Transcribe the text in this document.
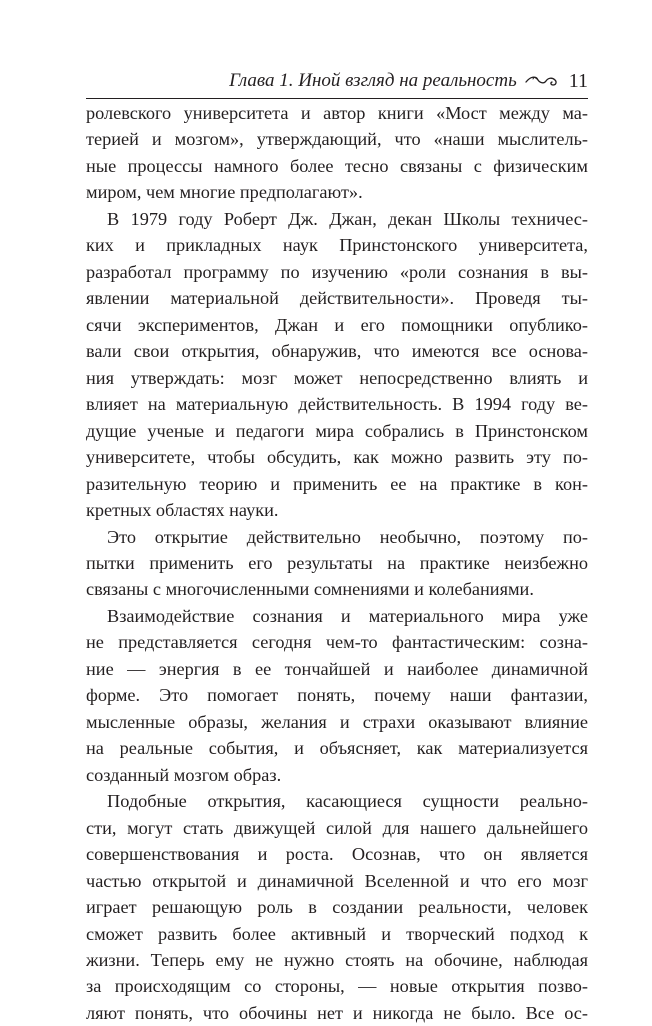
Глава 1. Иной взгляд на реальность	11
ролевского университета и автор книги «Мост между ма-
терией и мозгом», утверждающий, что «наши мыслитель-
ные процессы намного более тесно связаны с физическим
миром, чем многие предполагают».
В 1979 году Роберт Дж. Джан, декан Школы техничес-
ких и прикладных наук Принстонского университета,
разработал программу по изучению «роли сознания в вы-
явлении материальной действительности». Проведя ты-
сячи экспериментов, Джан и его помощники опублико-
вали свои открытия, обнаружив, что имеются все основа-
ния утверждать: мозг может непосредственно влиять и
влияет на материальную действительность. В 1994 году ве-
дущие ученые и педагоги мира собрались в Принстонском
университете, чтобы обсудить, как можно развить эту по-
разительную теорию и применить ее на практике в кон-
кретных областях науки.
Это открытие действительно необычно, поэтому по-
пытки применить его результаты на практике неизбежно
связаны с многочисленными сомнениями и колебаниями.
Взаимодействие сознания и материального мира уже
не представляется сегодня чем-то фантастическим: созна-
ние — энергия в ее тончайшей и наиболее динамичной
форме. Это помогает понять, почему наши фантазии,
мысленные образы, желания и страхи оказывают влияние
на реальные события, и объясняет, как материализуется
созданный мозгом образ.
Подобные открытия, касающиеся сущности реально-
сти, могут стать движущей силой для нашего дальнейшего
совершенствования и роста. Осознав, что он является
частью открытой и динамичной Вселенной и что его мозг
играет решающую роль в создании реальности, человек
сможет развить более активный и творческий подход к
жизни. Теперь ему не нужно стоять на обочине, наблюдая
за происходящим со стороны, — новые открытия позво-
ляют понять, что обочины нет и никогда не было. Все ос-
